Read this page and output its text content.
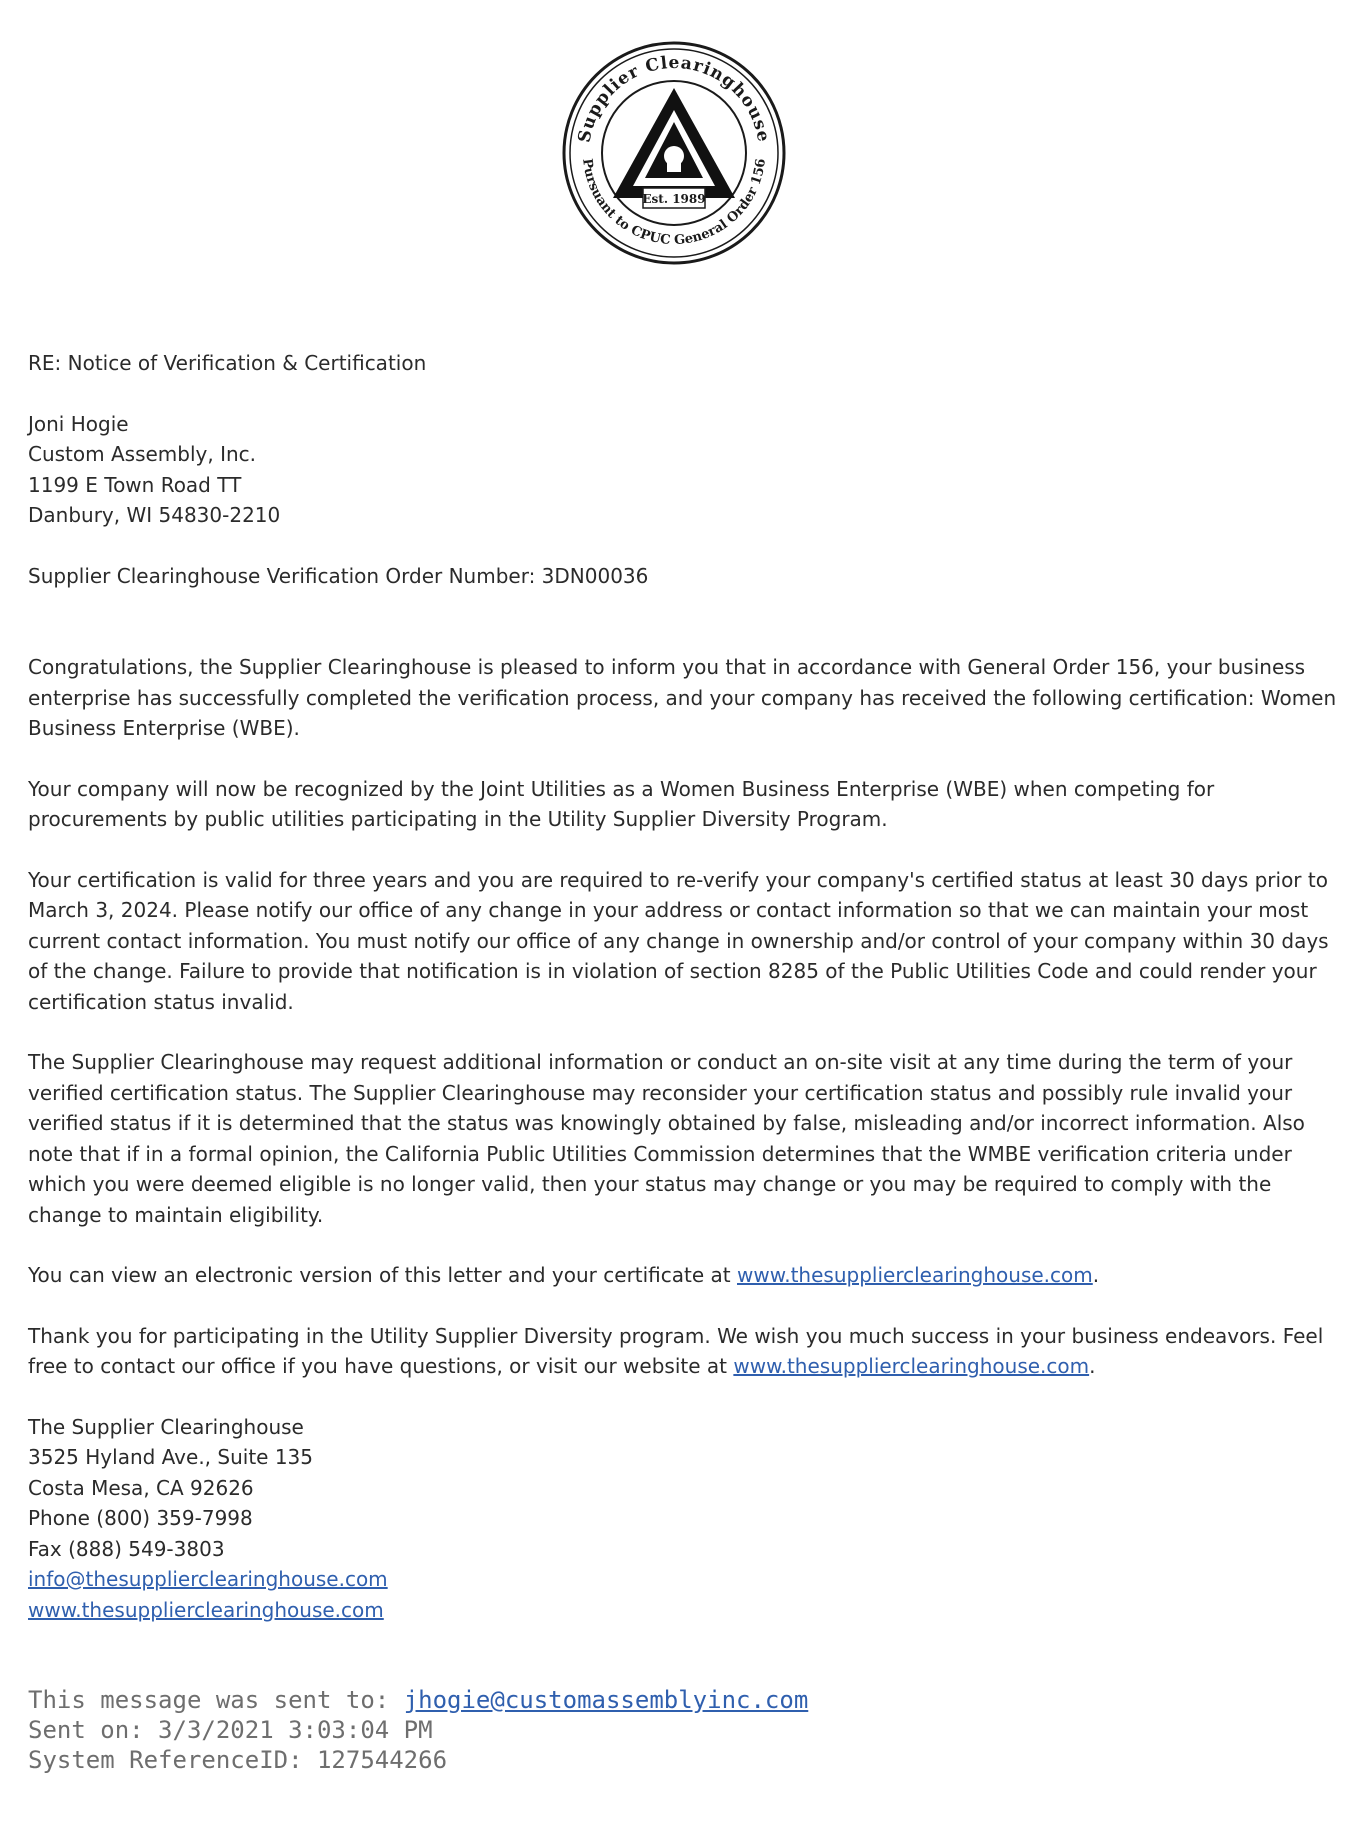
Supplier Clearinghouse
Pursuant to CPUC General Order 156
Est. 1989

RE: Notice of Verification & Certification

Joni Hogie

Custom Assembly, Inc.

1199 E Town Road TT

Danbury, WI 54830-2210

Supplier Clearinghouse Verification Order Number: 3DN00036

Congratulations, the Supplier Clearinghouse is pleased to inform you that in accordance with General Order 156, your business enterprise has successfully completed the verification process, and your company has received the following certification: Women Business Enterprise (WBE).

Your company will now be recognized by the Joint Utilities as a Women Business Enterprise (WBE) when competing for procurements by public utilities participating in the Utility Supplier Diversity Program.

Your certification is valid for three years and you are required to re-verify your company's certified status at least 30 days prior to March 3, 2024. Please notify our office of any change in your address or contact information so that we can maintain your most current contact information. You must notify our office of any change in ownership and/or control of your company within 30 days of the change. Failure to provide that notification is in violation of section 8285 of the Public Utilities Code and could render your certification status invalid.

The Supplier Clearinghouse may request additional information or conduct an on-site visit at any time during the term of your verified certification status. The Supplier Clearinghouse may reconsider your certification status and possibly rule invalid your verified status if it is determined that the status was knowingly obtained by false, misleading and/or incorrect information. Also note that if in a formal opinion, the California Public Utilities Commission determines that the WMBE verification criteria under which you were deemed eligible is no longer valid, then your status may change or you may be required to comply with the change to maintain eligibility.

You can view an electronic version of this letter and your certificate at www.thesupplierclearinghouse.com.

Thank you for participating in the Utility Supplier Diversity program. We wish you much success in your business endeavors. Feel free to contact our office if you have questions, or visit our website at www.thesupplierclearinghouse.com.

The Supplier Clearinghouse

3525 Hyland Ave., Suite 135

Costa Mesa, CA 92626

Phone (800) 359-7998

Fax (888) 549-3803

info@thesupplierclearinghouse.com

www.thesupplierclearinghouse.com

This message was sent to: jhogie@customassemblyinc.com

Sent on: 3/3/2021 3:03:04 PM

System ReferenceID: 127544266
